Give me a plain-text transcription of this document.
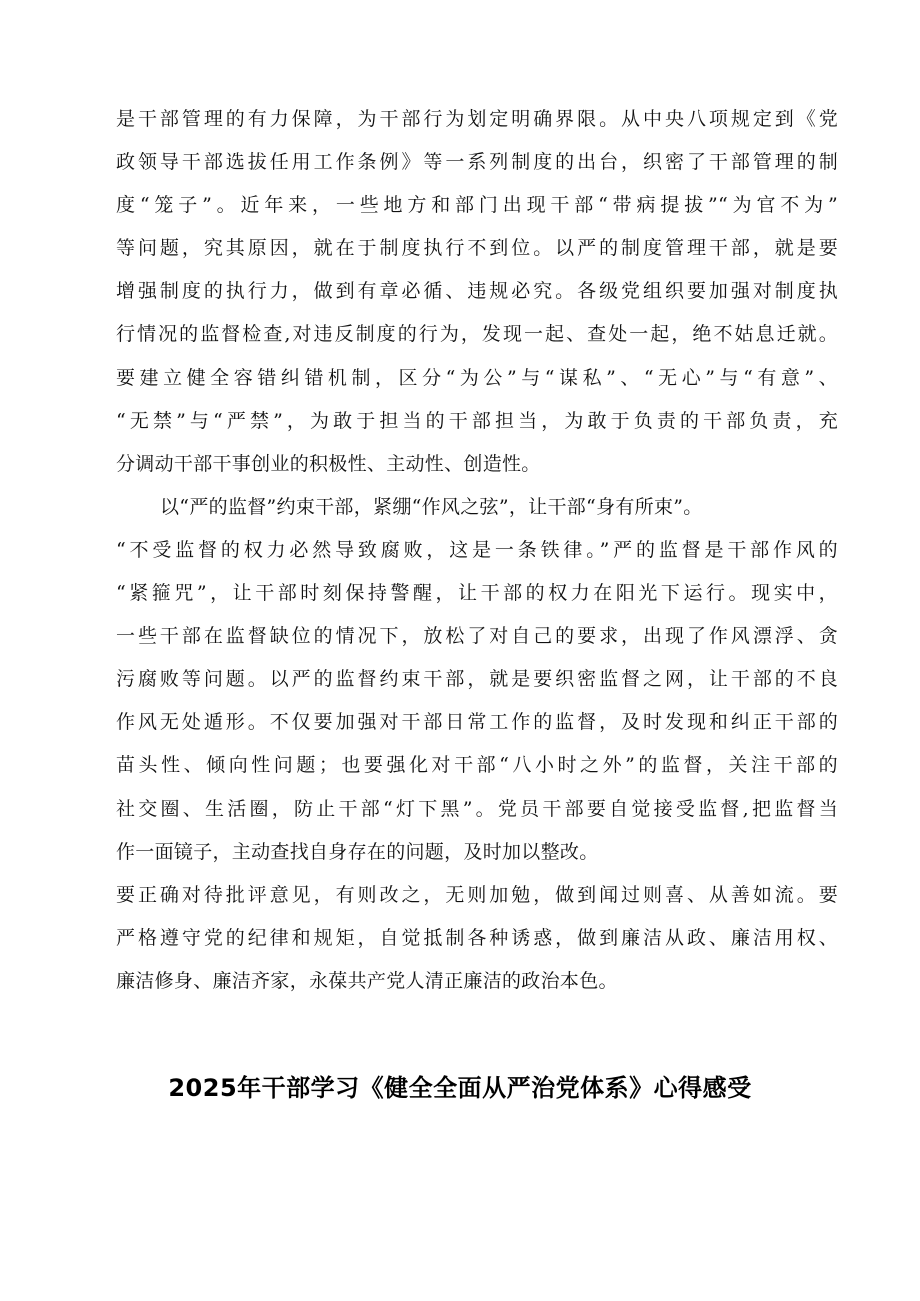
是干部管理的有力保障，为干部行为划定明确界限。从中央八项规定到《党
政领导干部选拔任用工作条例》等一系列制度的出台，织密了干部管理的制
度“笼子”。近年来，一些地方和部门出现干部“带病提拔”“为官不为”
等问题，究其原因，就在于制度执行不到位。以严的制度管理干部，就是要
增强制度的执行力，做到有章必循、违规必究。各级党组织要加强对制度执
行情况的监督检查,对违反制度的行为，发现一起、查处一起，绝不姑息迁就。
要建立健全容错纠错机制，区分“为公”与“谋私”、“无心”与“有意”、
“无禁”与“严禁”，为敢于担当的干部担当，为敢于负责的干部负责，充
分调动干部干事创业的积极性、主动性、创造性。
以“严的监督”约束干部，紧绷“作风之弦”，让干部“身有所束”。
“不受监督的权力必然导致腐败，这是一条铁律。”严的监督是干部作风的
“紧箍咒”，让干部时刻保持警醒，让干部的权力在阳光下运行。现实中，
一些干部在监督缺位的情况下，放松了对自己的要求，出现了作风漂浮、贪
污腐败等问题。以严的监督约束干部，就是要织密监督之网，让干部的不良
作风无处遁形。不仅要加强对干部日常工作的监督，及时发现和纠正干部的
苗头性、倾向性问题；也要强化对干部“八小时之外”的监督，关注干部的
社交圈、生活圈，防止干部“灯下黑”。党员干部要自觉接受监督,把监督当
作一面镜子，主动查找自身存在的问题，及时加以整改。
要正确对待批评意见，有则改之，无则加勉，做到闻过则喜、从善如流。要
严格遵守党的纪律和规矩，自觉抵制各种诱惑，做到廉洁从政、廉洁用权、
廉洁修身、廉洁齐家，永葆共产党人清正廉洁的政治本色。
2025年干部学习《健全全面从严治党体系》心得感受
